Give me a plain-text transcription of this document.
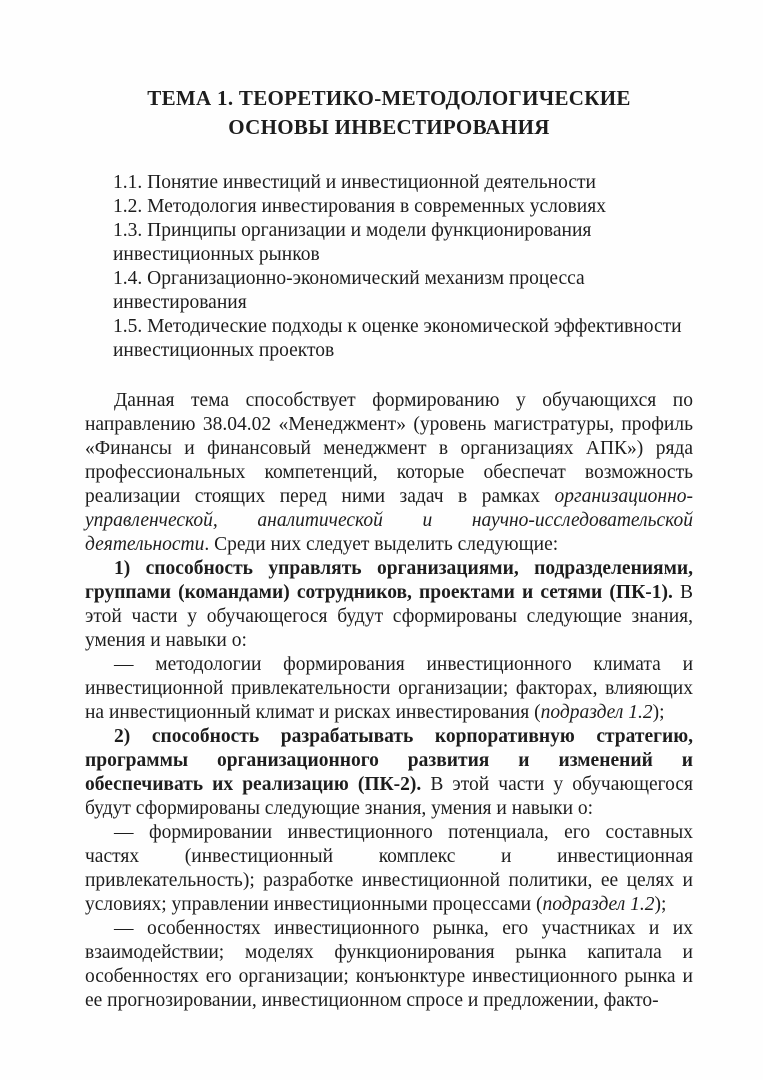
ТЕМА 1. ТЕОРЕТИКО-МЕТОДОЛОГИЧЕСКИЕ
ОСНОВЫ ИНВЕСТИРОВАНИЯ

1.1. Понятие инвестиций и инвестиционной деятельности

1.2. Методология инвестирования в современных условиях

1.3. Принципы организации и модели функционирования инвестиционных рынков

1.4. Организационно-экономический механизм процесса инвестирования

1.5. Методические подходы к оценке экономической эффективности инвестиционных проектов

Данная тема способствует формированию у обучающихся по направлению 38.04.02 «Менеджмент» (уровень магистратуры, профиль «Финансы и финансовый менеджмент в организациях АПК») ряда профессиональных компетенций, которые обеспечат возможность реализации стоящих перед ними задач в рамках организационно-управленческой, аналитической и научно-исследовательской деятельности. Среди них следует выделить следующие:

1) способность управлять организациями, подразделениями, группами (командами) сотрудников, проектами и сетями (ПК-1). В этой части у обучающегося будут сформированы следующие знания, умения и навыки о:

— методологии формирования инвестиционного климата и инвестиционной привлекательности организации; факторах, влияющих на инвестиционный климат и рисках инвестирования (подраздел 1.2);

2) способность разрабатывать корпоративную стратегию, программы организационного развития и изменений и обеспечивать их реализацию (ПК-2). В этой части у обучающегося будут сформированы следующие знания, умения и навыки о:

— формировании инвестиционного потенциала, его составных частях (инвестиционный комплекс и инвестиционная привлекательность); разработке инвестиционной политики, ее целях и условиях; управлении инвестиционными процессами (подраздел 1.2);

— особенностях инвестиционного рынка, его участниках и их взаимодействии; моделях функционирования рынка капитала и особенностях его организации; конъюнктуре инвестиционного рынка и ее прогнозировании, инвестиционном спросе и предложении, факто-
